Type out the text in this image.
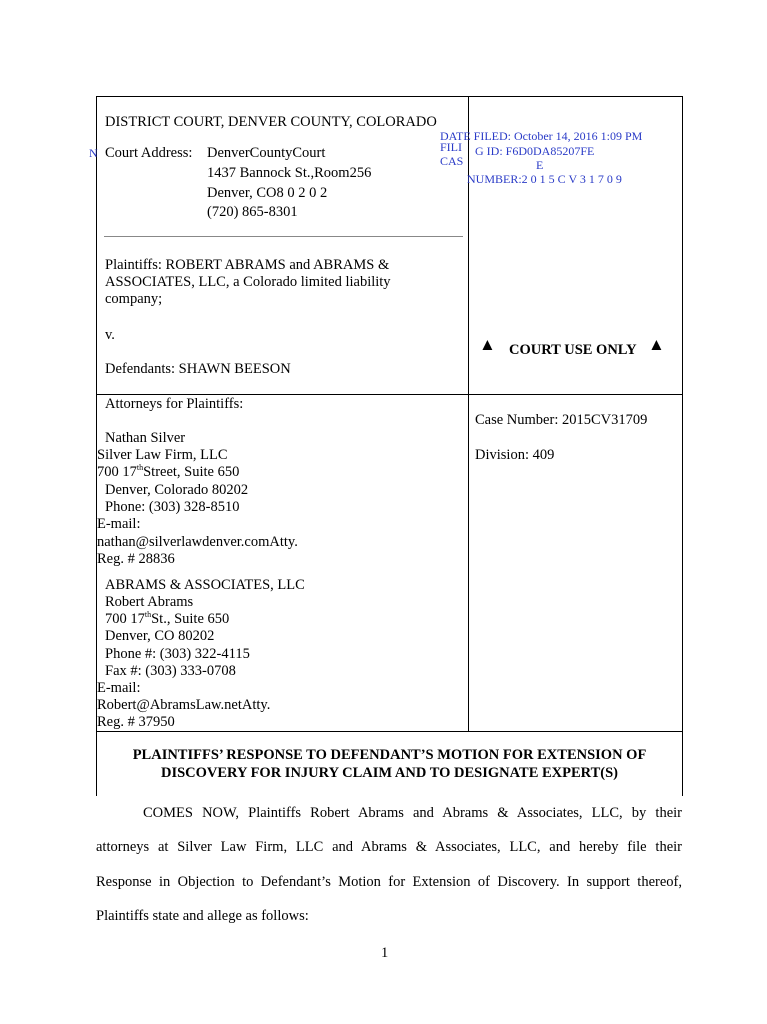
DISTRICT COURT, DENVER COUNTY, COLORADO
Court Address: DenverCountyCourt
1437 Bannock St.,Room256
Denver, CO8 0 2 0 2
(720) 865-8301
N
DATE FILED: October 14, 2016 1:09 PM
FILI G ID: F6D0DA85207FE
CAS	E
NUMBER:2 0 1 5 C V 3 1 7 0 9
Plaintiffs: ROBERT ABRAMS and ABRAMS &
ASSOCIATES, LLC, a Colorado limited liability
company;
v.
Defendants: SHAWN BEESON
▲ COURT USE ONLY ▲
Attorneys for Plaintiffs:
Nathan Silver
Silver Law Firm, LLC
700 17thStreet, Suite 650
Denver, Colorado 80202
Phone: (303) 328-8510
E-mail:
nathan@silverlawdenver.comAtty.
Reg. # 28836
ABRAMS & ASSOCIATES, LLC
Robert Abrams
700 17thSt., Suite 650
Denver, CO 80202
Phone #: (303) 322-4115
Fax #: (303) 333-0708
E-mail:
Robert@AbramsLaw.netAtty.
Reg. # 37950
Case Number: 2015CV31709
Division: 409
PLAINTIFFS’ RESPONSE TO DEFENDANT’S MOTION FOR EXTENSION OF
DISCOVERY FOR INJURY CLAIM AND TO DESIGNATE EXPERT(S)
COMES NOW, Plaintiffs Robert Abrams and Abrams & Associates, LLC, by their
attorneys at Silver Law Firm, LLC and Abrams & Associates, LLC, and hereby file their
Response in Objection to Defendant’s Motion for Extension of Discovery. In support thereof,
Plaintiffs state and allege as follows:
1
